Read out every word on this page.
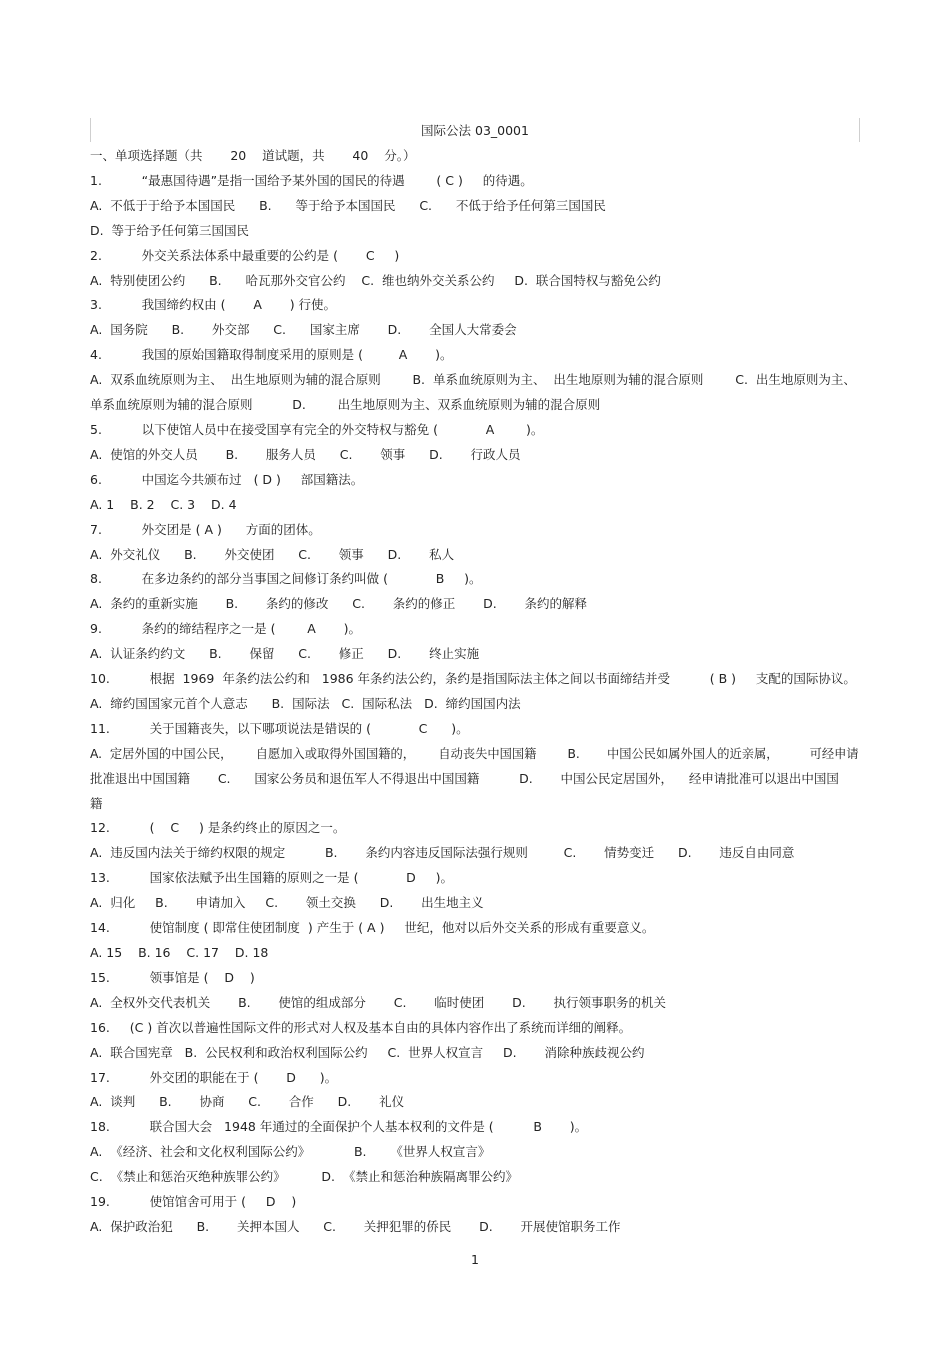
国际公法 03_0001

一、单项选择题（共       20    道试题，共       40    分。）

1.          “最惠国待遇”是指一国给予某外国的国民的待遇        ( C )     的待遇。

A.  不低于于给予本国国民      B.      等于给予本国国民      C.      不低于给予任何第三国国民

D.  等于给予任何第三国国民

2.          外交关系法体系中最重要的公约是 (       C     )

A.  特别使团公约      B.      哈瓦那外交官公约    C.  维也纳外交关系公约     D.  联合国特权与豁免公约

3.          我国缔约权由 (       A       ) 行使。

A.  国务院      B.       外交部      C.      国家主席       D.       全国人大常委会

4.          我国的原始国籍取得制度采用的原则是 (         A       )。

A.  双系血统原则为主、  出生地原则为辅的混合原则        B.  单系血统原则为主、  出生地原则为辅的混合原则        C.  出生地原则为主、

单系血统原则为辅的混合原则          D.        出生地原则为主、双系血统原则为辅的混合原则

5.          以下使馆人员中在接受国享有完全的外交特权与豁免 (            A        )。

A.  使馆的外交人员       B.       服务人员      C.       领事      D.       行政人员

6.          中国迄今共颁布过   ( D )     部国籍法。

A. 1    B. 2    C. 3    D. 4

7.          外交团是 ( A )      方面的团体。

A.  外交礼仪      B.       外交使团      C.       领事      D.       私人

8.          在多边条约的部分当事国之间修订条约叫做 (            B     )。

A.  条约的重新实施       B.       条约的修改      C.       条约的修正       D.       条约的解释

9.          条约的缔结程序之一是 (        A       )。

A.  认证条约约文      B.       保留      C.       修正      D.       终止实施

10.          根据  1969  年条约法公约和   1986 年条约法公约，条约是指国际法主体之间以书面缔结并受          ( B )     支配的国际协议。

A.  缔约国国家元首个人意志      B.  国际法   C.  国际私法   D.  缔约国国内法

11.          关于国籍丧失，以下哪项说法是错误的 (            C      )。

A.  定居外国的中国公民，      自愿加入或取得外国国籍的，      自动丧失中国国籍        B.       中国公民如属外国人的近亲属，        可经申请

批准退出中国国籍       C.      国家公务员和退伍军人不得退出中国国籍          D.       中国公民定居国外，    经申请批准可以退出中国国

籍

12.          (    C     ) 是条约终止的原因之一。

A.  违反国内法关于缔约权限的规定          B.       条约内容违反国际法强行规则         C.       情势变迁      D.       违反自由同意

13.          国家依法赋予出生国籍的原则之一是 (            D     )。

A.  归化     B.       申请加入     C.       领土交换      D.       出生地主义

14.          使馆制度 ( 即常住使团制度  ) 产生于 ( A )     世纪，他对以后外交关系的形成有重要意义。

A. 15    B. 16    C. 17    D. 18

15.          领事馆是 (    D    )

A.  全权外交代表机关       B.       使馆的组成部分       C.       临时使团       D.       执行领事职务的机关

16.     (C ) 首次以普遍性国际文件的形式对人权及基本自由的具体内容作出了系统而详细的阐释。

A.  联合国宪章   B.  公民权利和政治权利国际公约     C.  世界人权宣言     D.       消除种族歧视公约

17.          外交团的职能在于 (       D      )。

A.  谈判      B.       协商      C.       合作      D.       礼仪

18.          联合国大会   1948 年通过的全面保护个人基本权利的文件是 (          B       )。

A.  《经济、社会和文化权利国际公约》           B.      《世界人权宣言》

C.  《禁止和惩治灭绝种族罪公约》         D.  《禁止和惩治种族隔离罪公约》

19.          使馆馆舍可用于 (     D    )

A.  保护政治犯      B.       关押本国人      C.       关押犯罪的侨民       D.       开展使馆职务工作

1
